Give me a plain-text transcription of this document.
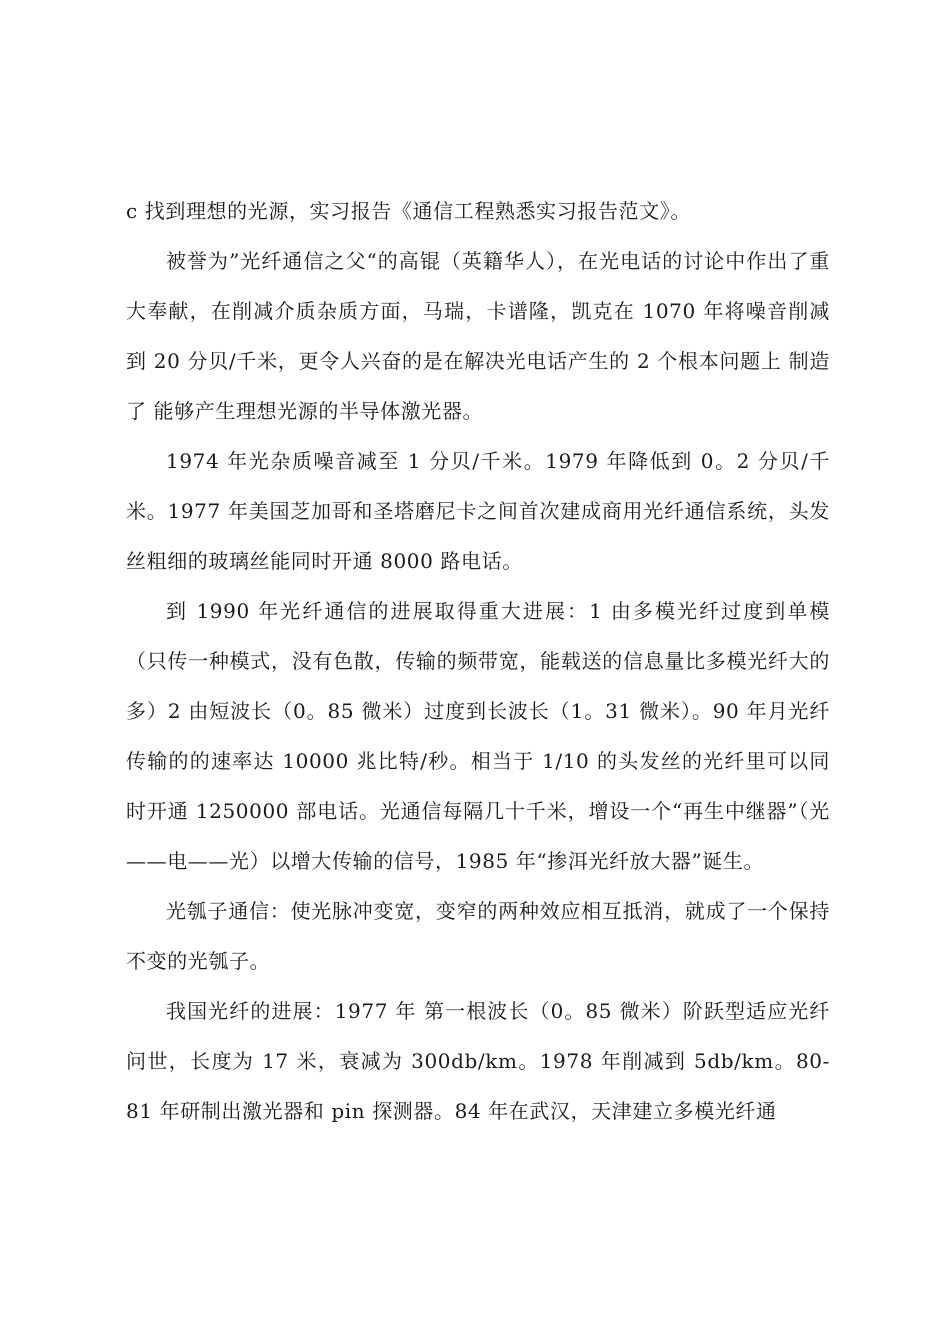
c 找到理想的光源，实习报告《通信工程熟悉实习报告范文》。

被誉为”光纤通信之父“的高锟（英籍华人），在光电话的讨论中作出了重大奉献，在削减介质杂质方面，马瑞，卡谱隆，凯克在 1070 年将噪音削减到 20 分贝/千米，更令人兴奋的是在解决光电话产生的 2 个根本问题上 制造了 能够产生理想光源的半导体激光器。

1974 年光杂质噪音减至 1 分贝/千米。1979 年降低到 0。2 分贝/千米。1977 年美国芝加哥和圣塔磨尼卡之间首次建成商用光纤通信系统，头发丝粗细的玻璃丝能同时开通 8000 路电话。

到 1990 年光纤通信的进展取得重大进展：1 由多模光纤过度到单模（只传一种模式，没有色散，传输的频带宽，能载送的信息量比多模光纤大的多）2 由短波长（0。85 微米）过度到长波长（1。31 微米）。90 年月光纤传输的的速率达 10000 兆比特/秒。相当于 1/10 的头发丝的光纤里可以同时开通 1250000 部电话。光通信每隔几十千米，增设一个“再生中继器”（光——电——光）以增大传输的信号，1985 年“掺洱光纤放大器”诞生。

光瓠子通信：使光脉冲变宽，变窄的两种效应相互抵消，就成了一个保持不变的光瓠子。

我国光纤的进展：1977 年 第一根波长（0。85 微米）阶跃型适应光纤问世，长度为 17 米，衰减为 300db/km。1978 年削减到 5db/km。80-81 年研制出激光器和 pin 探测器。84 年在武汉，天津建立多模光纤通
